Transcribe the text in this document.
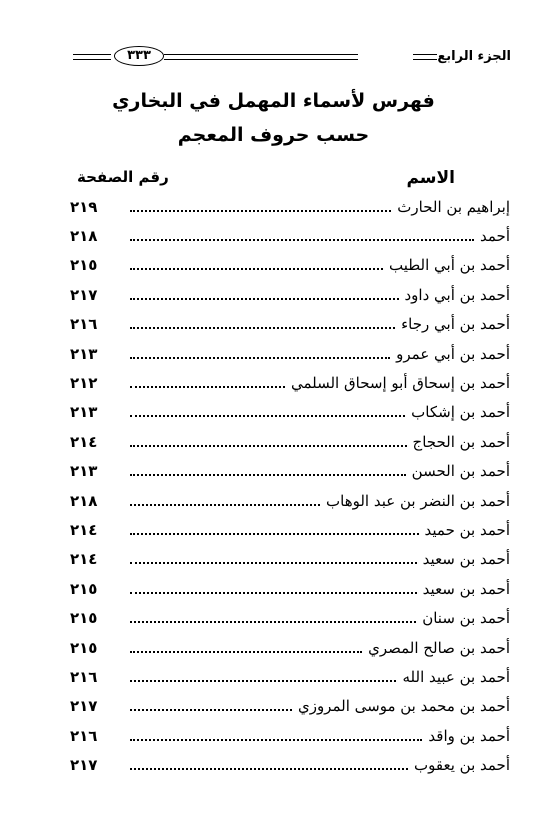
٣٣٣	الجزء الرابع
فهرس لأسماء المهمل في البخاري
حسب حروف المعجم
الاسم
رقم الصفحة
إبراهيم بن الحارث
٢١٩
أحمد
٢١٨
أحمد بن أبي الطيب
٢١٥
أحمد بن أبي داود
٢١٧
أحمد بن أبي رجاء
٢١٦
أحمد بن أبي عمرو
٢١٣
أحمد بن إسحاق أبو إسحاق السلمي
٢١٢
أحمد بن إشكاب
٢١٣
أحمد بن الحجاج
٢١٤
أحمد بن الحسن
٢١٣
أحمد بن النضر بن عبد الوهاب
٢١٨
أحمد بن حميد
٢١٤
أحمد بن سعيد
٢١٤
أحمد بن سعيد
٢١٥
أحمد بن سنان
٢١٥
أحمد بن صالح المصري
٢١٥
أحمد بن عبيد الله
٢١٦
أحمد بن محمد بن موسى المروزي
٢١٧
أحمد بن واقد
٢١٦
أحمد بن يعقوب
٢١٧
